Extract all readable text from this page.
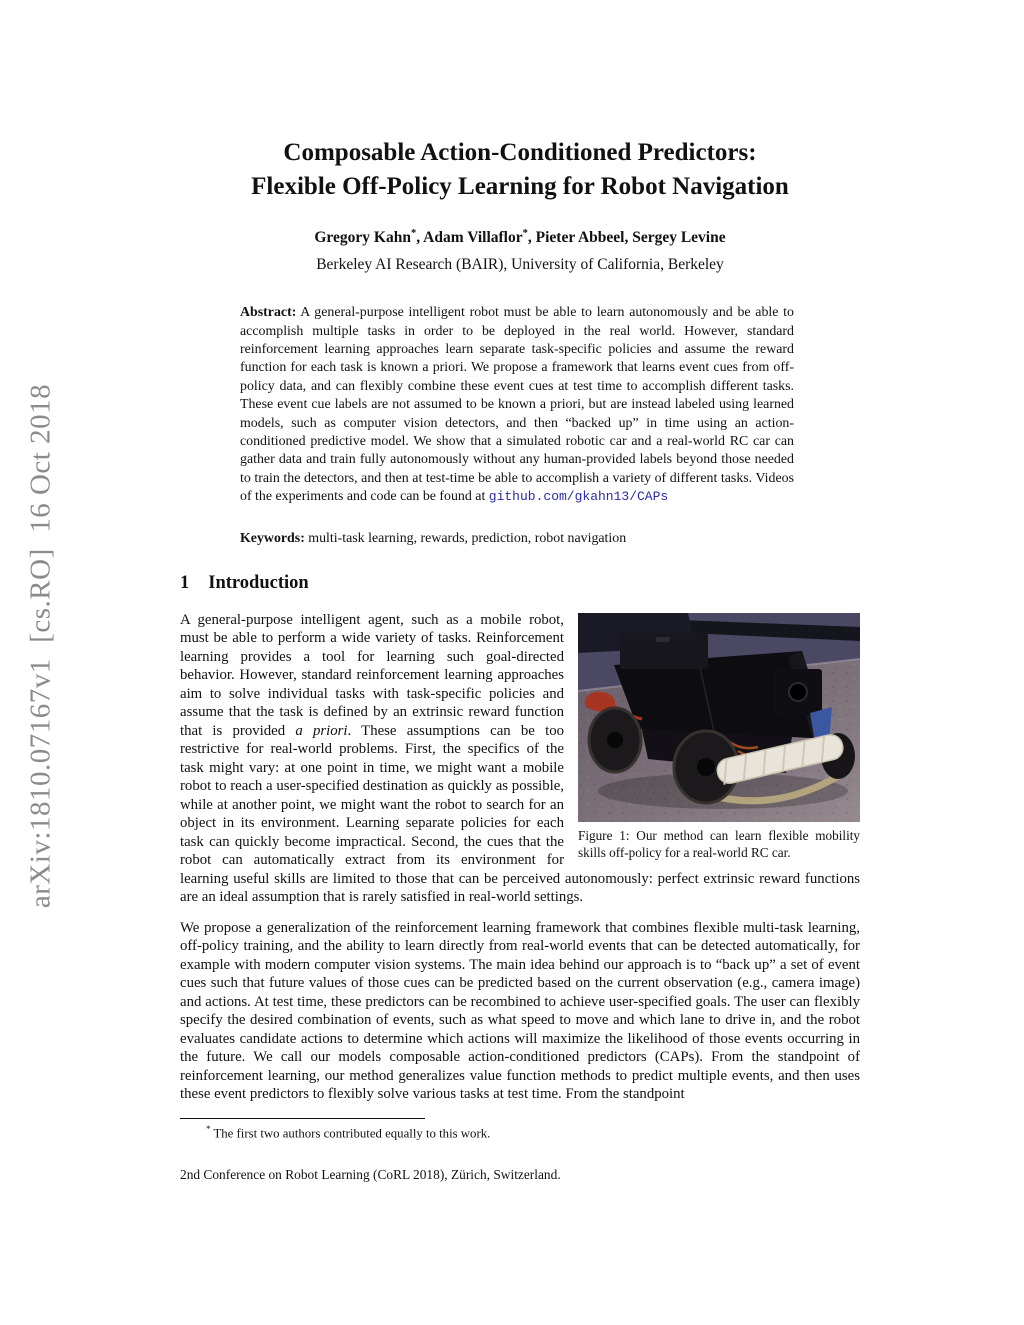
arXiv:1810.07167v1  [cs.RO]  16 Oct 2018
Composable Action-Conditioned Predictors:
Flexible Off-Policy Learning for Robot Navigation
Gregory Kahn*, Adam Villaflor*, Pieter Abbeel, Sergey Levine
Berkeley AI Research (BAIR), University of California, Berkeley

Abstract: A general-purpose intelligent robot must be able to learn autonomously and be able to accomplish multiple tasks in order to be deployed in the real world. However, standard reinforcement learning approaches learn separate task-specific policies and assume the reward function for each task is known a priori. We propose a framework that learns event cues from off-policy data, and can flexibly combine these event cues at test time to accomplish different tasks. These event cue labels are not assumed to be known a priori, but are instead labeled using learned models, such as computer vision detectors, and then “backed up” in time using an action-conditioned predictive model. We show that a simulated robotic car and a real-world RC car can gather data and train fully autonomously without any human-provided labels beyond those needed to train the detectors, and then at test-time be able to accomplish a variety of different tasks. Videos of the experiments and code can be found at github.com/gkahn13/CAPs

Keywords: multi-task learning, rewards, prediction, robot navigation

1 Introduction
Figure 1: Our method can learn flexible mobility skills off-policy for a real-world RC car.

A general-purpose intelligent agent, such as a mobile robot, must be able to perform a wide variety of tasks. Reinforcement learning provides a tool for learning such goal-directed behavior. However, standard reinforcement learning approaches aim to solve individual tasks with task-specific policies and assume that the task is defined by an extrinsic reward function that is provided a priori. These assumptions can be too restrictive for real-world problems. First, the specifics of the task might vary: at one point in time, we might want a mobile robot to reach a user-specified destination as quickly as possible, while at another point, we might want the robot to search for an object in its environment. Learning separate policies for each task can quickly become impractical. Second, the cues that the robot can automatically extract from its environment for learning useful skills are limited to those that can be perceived autonomously: perfect extrinsic reward functions are an ideal assumption that is rarely satisfied in real-world settings.

We propose a generalization of the reinforcement learning framework that combines flexible multi-task learning, off-policy training, and the ability to learn directly from real-world events that can be detected automatically, for example with modern computer vision systems. The main idea behind our approach is to “back up” a set of event cues such that future values of those cues can be predicted based on the current observation (e.g., camera image) and actions. At test time, these predictors can be recombined to achieve user-specified goals. The user can flexibly specify the desired combination of events, such as what speed to move and which lane to drive in, and the robot evaluates candidate actions to determine which actions will maximize the likelihood of those events occurring in the future. We call our models composable action-conditioned predictors (CAPs). From the standpoint of reinforcement learning, our method generalizes value function methods to predict multiple events, and then uses these event predictors to flexibly solve various tasks at test time. From the standpoint

* The first two authors contributed equally to this work.
2nd Conference on Robot Learning (CoRL 2018), Zürich, Switzerland.
